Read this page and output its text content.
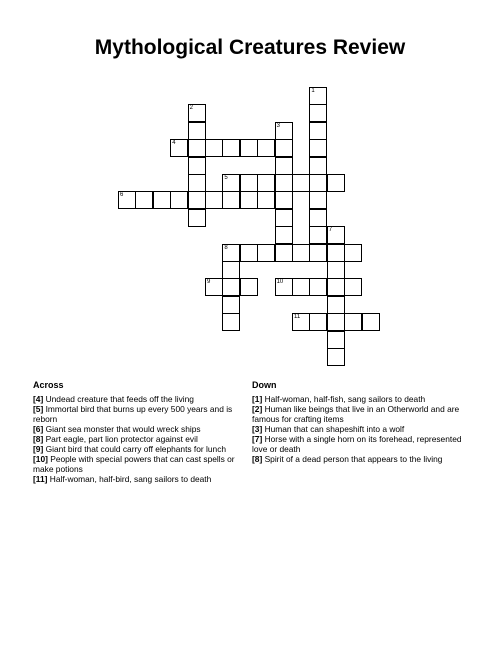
Mythological Creatures Review
1
2
3
4
5
6
7
8
9	10
11
Across

[4] Undead creature that feeds off the living

[5] Immortal bird that burns up every 500 years and is reborn

[6] Giant sea monster that would wreck ships

[8] Part eagle, part lion protector against evil

[9] Giant bird that could carry off elephants for lunch

[10] People with special powers that can cast spells or make potions

[11] Half-woman, half-bird, sang sailors to death

Down

[1] Half-woman, half-fish, sang sailors to death

[2] Human like beings that live in an Otherworld and are famous for crafting items

[3] Human that can shapeshift into a wolf

[7] Horse with a single horn on its forehead, represented love or death

[8] Spirit of a dead person that appears to the living
